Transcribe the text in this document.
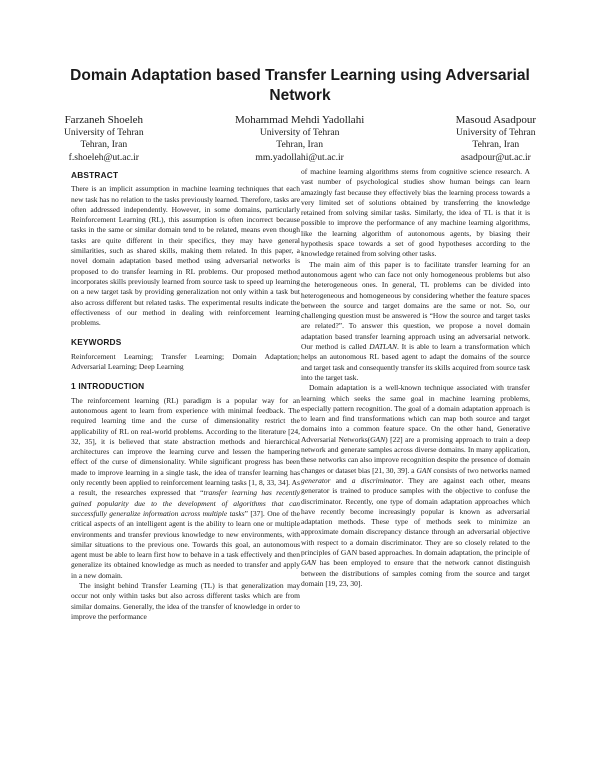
Domain Adaptation based Transfer Learning using Adversarial Network
Farzaneh Shoeleh
University of Tehran
Tehran, Iran
f.shoeleh@ut.ac.ir
Mohammad Mehdi Yadollahi
University of Tehran
Tehran, Iran
mm.yadollahi@ut.ac.ir
Masoud Asadpour
University of Tehran
Tehran, Iran
asadpour@ut.ac.ir
ABSTRACT

There is an implicit assumption in machine learning techniques that each new task has no relation to the tasks previously learned. Therefore, tasks are often addressed independently. However, in some domains, particularly Reinforcement Learning (RL), this assumption is often incorrect because tasks in the same or similar domain tend to be related, means even though tasks are quite different in their specifics, they may have general similarities, such as shared skills, making them related. In this paper, a novel domain adaptation based method using adversarial networks is proposed to do transfer learning in RL problems. Our proposed method incorporates skills previously learned from source task to speed up learning on a new target task by providing generalization not only within a task but also across different but related tasks. The experimental results indicate the effectiveness of our method in dealing with reinforcement learning problems.

KEYWORDS

Reinforcement Learning; Transfer Learning; Domain Adaptation; Adversarial Learning; Deep Learning

1 INTRODUCTION

The reinforcement learning (RL) paradigm is a popular way for an autonomous agent to learn from experience with minimal feedback. The required learning time and the curse of dimensionality restrict the applicability of RL on real-world problems. According to the literature [24, 32, 35], it is believed that state abstraction methods and hierarchical architectures can improve the learning curve and lessen the hampering effect of the curse of dimensionality. While significant progress has been made to improve learning in a single task, the idea of transfer learning has only recently been applied to reinforcement learning tasks [1, 8, 33, 34]. As a result, the researches expressed that “transfer learning has recently gained popularity due to the development of algorithms that can successfully generalize information across multiple tasks” [37]. One of the critical aspects of an intelligent agent is the ability to learn one or multiple environments and transfer previous knowledge to new environments, with similar situations to the previous one. Towards this goal, an autonomous agent must be able to learn first how to behave in a task effectively and then generalize its obtained knowledge as much as needed to transfer and apply in a new domain.

The insight behind Transfer Learning (TL) is that generalization may occur not only within tasks but also across different tasks which are from similar domains. Generally, the idea of the transfer of knowledge in order to improve the performance

of machine learning algorithms stems from cognitive science research. A vast number of psychological studies show human beings can learn amazingly fast because they effectively bias the learning process towards a very limited set of solutions obtained by transferring the knowledge retained from solving similar tasks. Similarly, the idea of TL is that it is possible to improve the performance of any machine learning algorithms, like the learning algorithm of autonomous agents, by biasing their hypothesis space towards a set of good hypotheses according to the knowledge retained from solving other tasks.

The main aim of this paper is to facilitate transfer learning for an autonomous agent who can face not only homogeneous problems but also the heterogeneous ones. In general, TL problems can be divided into heterogeneous and homogeneous by considering whether the feature spaces between the source and target domains are the same or not. So, our challenging question must be answered is “How the source and target tasks are related?”. To answer this question, we propose a novel domain adaptation based transfer learning approach using an adversarial network. Our method is called DATLAN. It is able to learn a transformation which helps an autonomous RL based agent to adapt the domains of the source and target task and consequently transfer its skills acquired from source task into the target task.

Domain adaptation is a well-known technique associated with transfer learning which seeks the same goal in machine learning problems, especially pattern recognition. The goal of a domain adaptation approach is to learn and find transformations which can map both source and target domains into a common feature space. On the other hand, Generative Adversarial Networks(GAN) [22] are a promising approach to train a deep network and generate samples across diverse domains. In many application, these networks can also improve recognition despite the presence of domain changes or dataset bias [21, 30, 39]. a GAN consists of two networks named generator and a discriminator. They are against each other, means generator is trained to produce samples with the objective to confuse the discriminator. Recently, one type of domain adaptation approaches which have recently become increasingly popular is known as adversarial adaptation methods. These type of methods seek to minimize an approximate domain discrepancy distance through an adversarial objective with respect to a domain discriminator. They are so closely related to the principles of GAN based approaches. In domain adaptation, the principle of GAN has been employed to ensure that the network cannot distinguish between the distributions of samples coming from the source and target domain [19, 23, 30].
